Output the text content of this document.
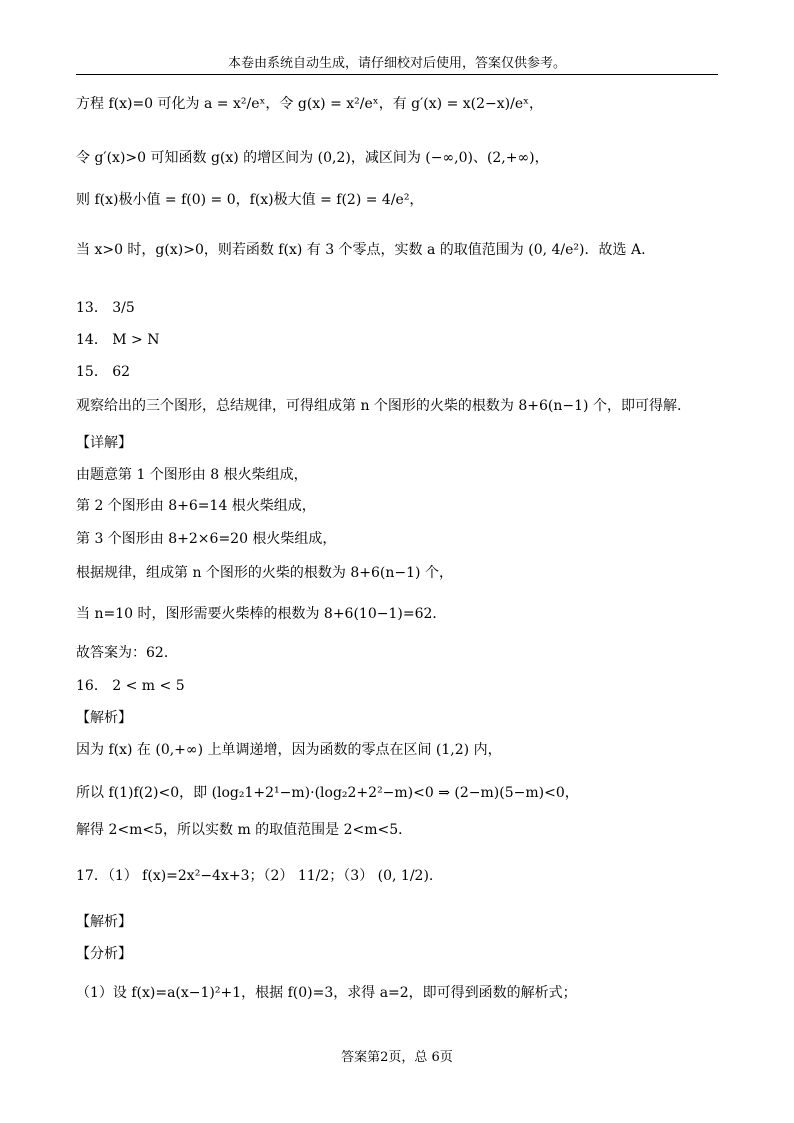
本卷由系统自动生成，请仔细校对后使用，答案仅供参考。
方程 f(x)=0 可化为 a = x²/eˣ，令 g(x) = x²/eˣ，有 g′(x) = x(2−x)/eˣ，
令 g′(x)>0 可知函数 g(x) 的增区间为 (0,2)，减区间为 (−∞,0)、(2,+∞)，
则 f(x)极小值 = f(0) = 0，f(x)极大值 = f(2) = 4/e²，
当 x>0 时，g(x)>0，则若函数 f(x) 有 3 个零点，实数 a 的取值范围为 (0, 4/e²)．故选 A.
13． 3/5
14． M > N
15． 62
观察给出的三个图形，总结规律，可得组成第 n 个图形的火柴的根数为 8+6(n−1) 个，即可得解.
【详解】
由题意第 1 个图形由 8 根火柴组成，
第 2 个图形由 8+6=14 根火柴组成，
第 3 个图形由 8+2×6=20 根火柴组成，
根据规律，组成第 n 个图形的火柴的根数为 8+6(n−1) 个，
当 n=10 时，图形需要火柴棒的根数为 8+6(10−1)=62．
故答案为：62．
16． 2 < m < 5
【解析】
因为 f(x) 在 (0,+∞) 上单调递增，因为函数的零点在区间 (1,2) 内，
所以 f(1)f(2)<0，即 (log₂1+2¹−m)·(log₂2+2²−m)<0 ⇒ (2−m)(5−m)<0，
解得 2<m<5，所以实数 m 的取值范围是 2<m<5．
17．（1） f(x)=2x²−4x+3；（2） 11/2；（3） (0, 1/2).
【解析】
【分析】
（1）设 f(x)=a(x−1)²+1，根据 f(0)=3，求得 a=2，即可得到函数的解析式；
答案第2页，总 6页
